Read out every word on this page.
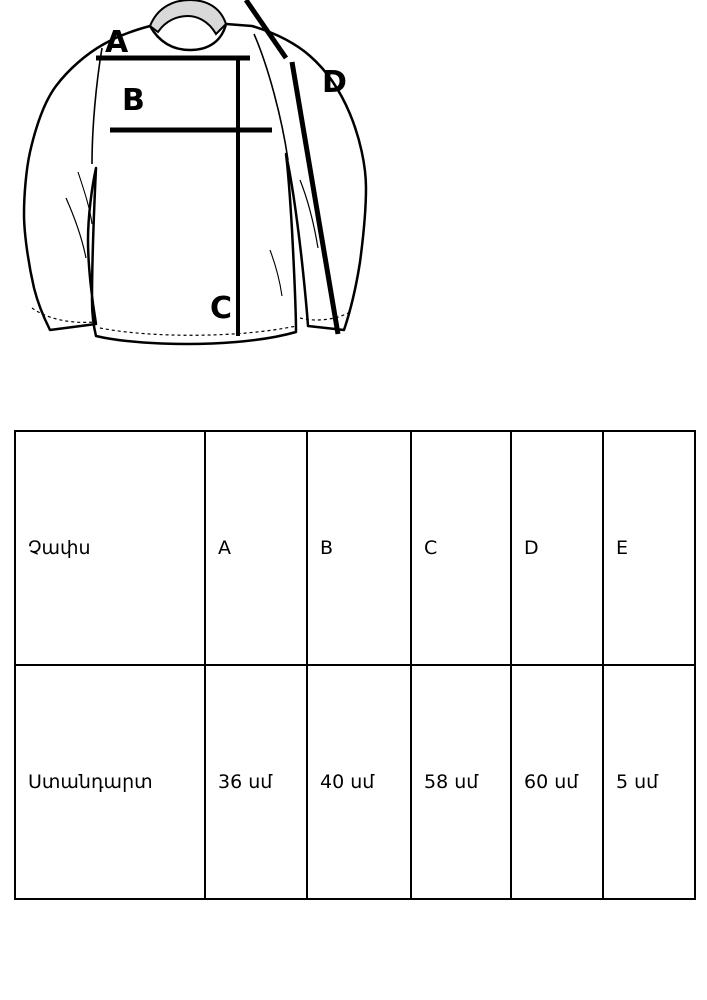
A
B
C
D
Չափս	A	B	C	D	E
Ստանդարտ	36 սմ	40 սմ	58 սմ	60 սմ	5 սմ
